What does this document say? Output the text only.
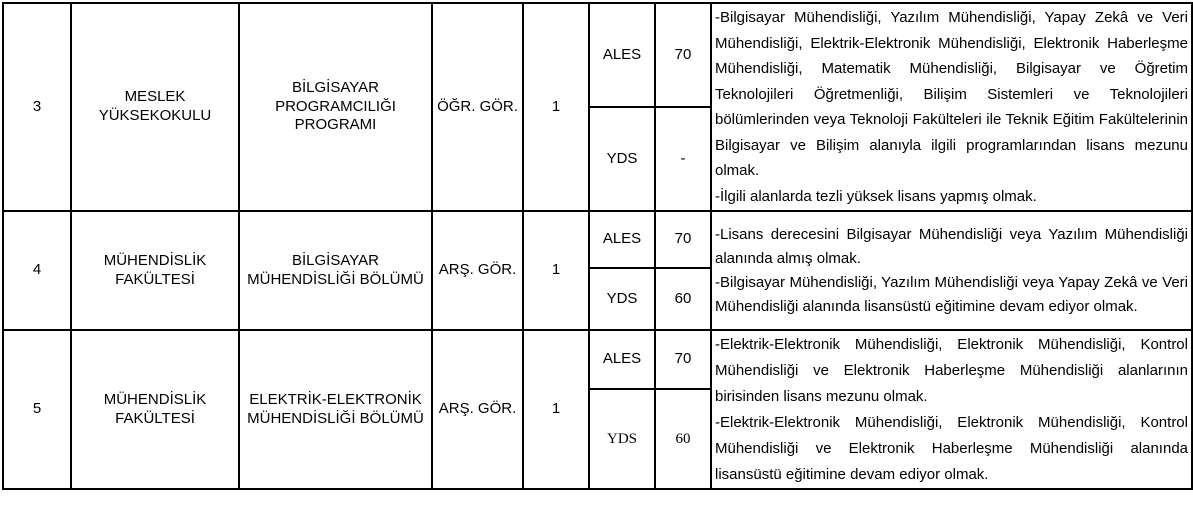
3	MESLEK YÜKSEKOKULU	BİLGİSAYAR PROGRAMCILIĞI PROGRAMI	ÖĞR. GÖR.	1	ALES	70	-Bilgisayar Mühendisliği, Yazılım Mühendisliği, Yapay Zekâ ve Veri Mühendisliği, Elektrik-Elektronik Mühendisliği, Elektronik Haberleşme Mühendisliği, Matematik Mühendisliği, Bilgisayar ve Öğretim Teknolojileri Öğretmenliği, Bilişim Sistemleri ve Teknolojileri bölümlerinden veya Teknoloji Fakülteleri ile Teknik Eğitim Fakültelerinin Bilgisayar ve Bilişim alanıyla ilgili programlarından lisans mezunu olmak.
-İlgili alanlarda tezli yüksek lisans yapmış olmak.

					YDS	-	
4	MÜHENDİSLİK FAKÜLTESİ	BİLGİSAYAR MÜHENDİSLİĞİ BÖLÜMÜ	ARŞ. GÖR.	1	ALES	70	-Lisans derecesini Bilgisayar Mühendisliği veya Yazılım Mühendisliği alanında almış olmak.
-Bilgisayar Mühendisliği, Yazılım Mühendisliği veya Yapay Zekâ ve Veri Mühendisliği alanında lisansüstü eğitimine devam ediyor olmak.

					YDS	60	
5	MÜHENDİSLİK FAKÜLTESİ	ELEKTRİK-ELEKTRONİK MÜHENDİSLİĞİ BÖLÜMÜ	ARŞ. GÖR.	1	ALES	70	-Elektrik-Elektronik Mühendisliği, Elektronik Mühendisliği, Kontrol Mühendisliği ve Elektronik Haberleşme Mühendisliği alanlarının birisinden lisans mezunu olmak.
-Elektrik-Elektronik Mühendisliği, Elektronik Mühendisliği, Kontrol Mühendisliği ve Elektronik Haberleşme Mühendisliği alanında lisansüstü eğitimine devam ediyor olmak.

					YDS	60	
